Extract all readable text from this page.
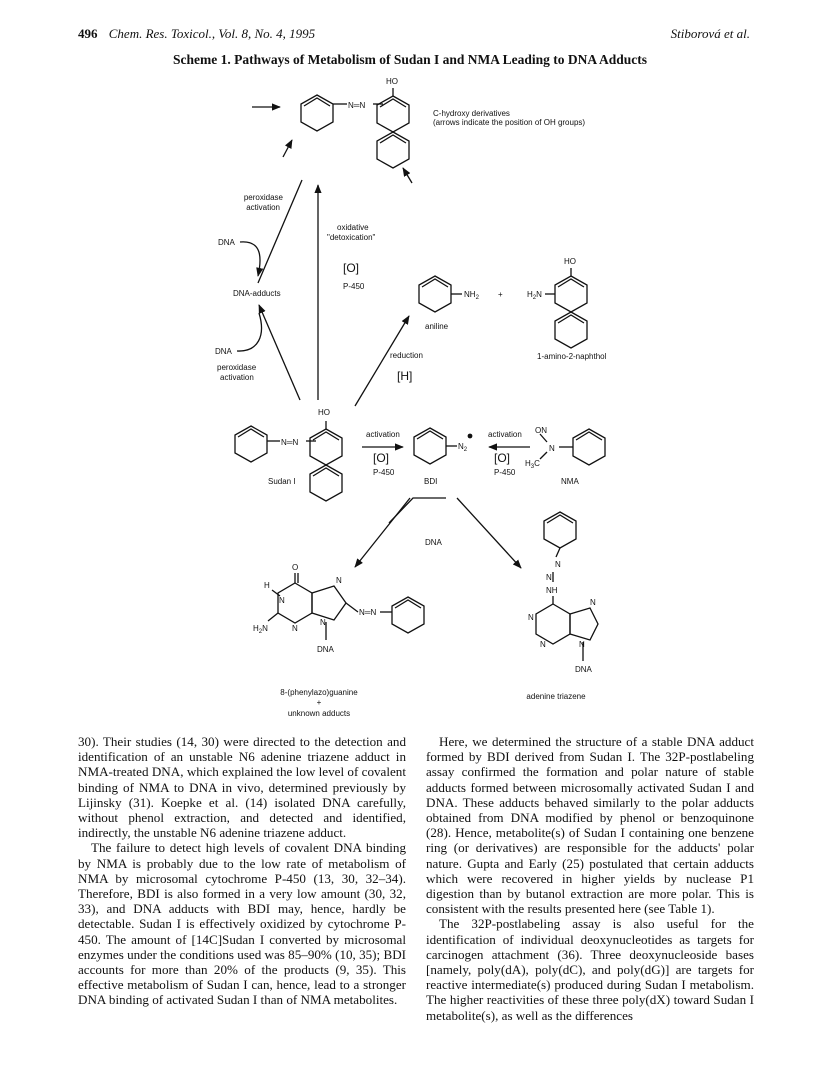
496 Chem. Res. Toxicol., Vol. 8, No. 4, 1995	Stiborová et al.
Scheme 1. Pathways of Metabolism of Sudan I and NMA Leading to DNA Adducts
HO
N═N
C-hydroxy derivatives
(arrows indicate the position of OH groups)
peroxidase
activation
DNA
DNA-adducts
DNA
peroxidase
activation
oxidative
"detoxication"
[O]
P-450
$NH_2$ +
HO
$H_2N$
aniline
1-amino-2-naphthol
reduction
[H]
HO
N═N
Sudan I
activation
[O]
P-450
$N_2$
BDI
activation
[O]
P-450
ON
N
$H_3C$
NMA
DNA
O
H
N
N
N
N
$H_2N$
N═N
DNA
N
N
NH
N
N
N	N
DNA
8-(phenylazo)guanine
+
unknown adducts
adenine triazene

30). Their studies (14, 30) were directed to the detection and identification of an unstable N6 adenine triazene adduct in NMA-treated DNA, which explained the low level of covalent binding of NMA to DNA in vivo, determined previously by Lijinsky (31). Koepke et al. (14) isolated DNA carefully, without phenol extraction, and detected and identified, indirectly, the unstable N6 adenine triazene adduct.

The failure to detect high levels of covalent DNA binding by NMA is probably due to the low rate of metabolism of NMA by microsomal cytochrome P-450 (13, 30, 32–34). Therefore, BDI is also formed in a very low amount (30, 32, 33), and DNA adducts with BDI may, hence, hardly be detectable. Sudan I is effectively oxidized by cytochrome P-450. The amount of [14C]Sudan I converted by microsomal enzymes under the conditions used was 85–90% (10, 35); BDI accounts for more than 20% of the products (9, 35). This effective metabolism of Sudan I can, hence, lead to a stronger DNA binding of activated Sudan I than of NMA metabolites.

Here, we determined the structure of a stable DNA adduct formed by BDI derived from Sudan I. The 32P-postlabeling assay confirmed the formation and polar nature of stable adducts formed between microsomally activated Sudan I and DNA. These adducts behaved similarly to the polar adducts obtained from DNA modified by phenol or benzoquinone (28). Hence, metabolite(s) of Sudan I containing one benzene ring (or derivatives) are responsible for the adducts' polar nature. Gupta and Early (25) postulated that certain adducts which were recovered in higher yields by nuclease P1 digestion than by butanol extraction are more polar. This is consistent with the results presented here (see Table 1).

The 32P-postlabeling assay is also useful for the identification of individual deoxynucleotides as targets for carcinogen attachment (36). Three deoxynucleoside bases [namely, poly(dA), poly(dC), and poly(dG)] are targets for reactive intermediate(s) produced during Sudan I metabolism. The higher reactivities of these three poly(dX) toward Sudan I metabolite(s), as well as the differences
